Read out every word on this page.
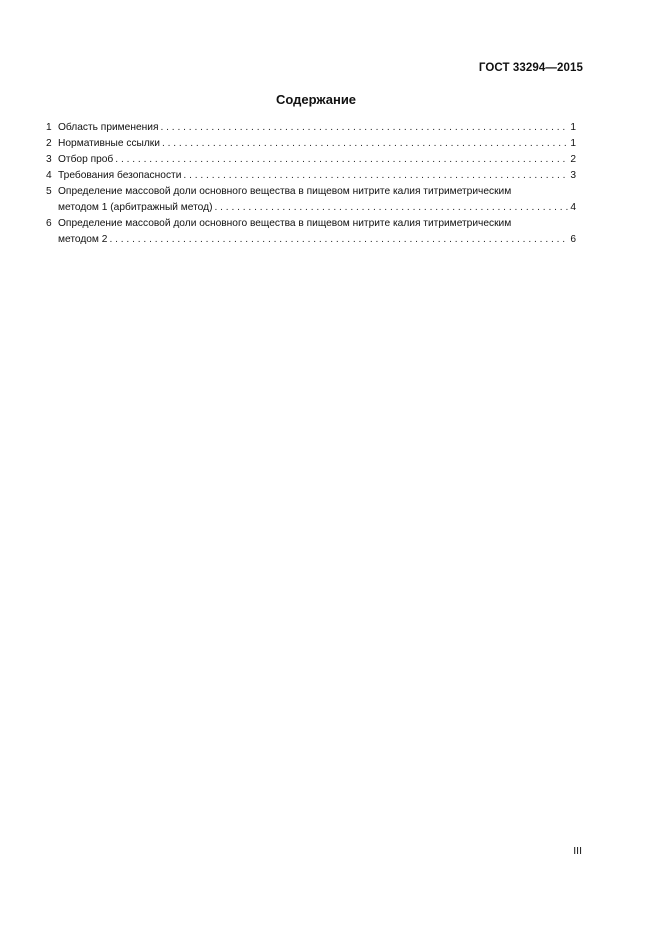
ГОСТ 33294—2015
Содержание
1 Область применения . . .	1
2 Нормативные ссылки . . .	1
3 Отбор проб . . .	2
4 Требования безопасности . . .	3
5 Определение массовой доли основного вещества в пищевом нитрите калия титриметрическим
методом 1 (арбитражный метод) . . .	4
6 Определение массовой доли основного вещества в пищевом нитрите калия титриметрическим
методом 2 . . .	6
III
